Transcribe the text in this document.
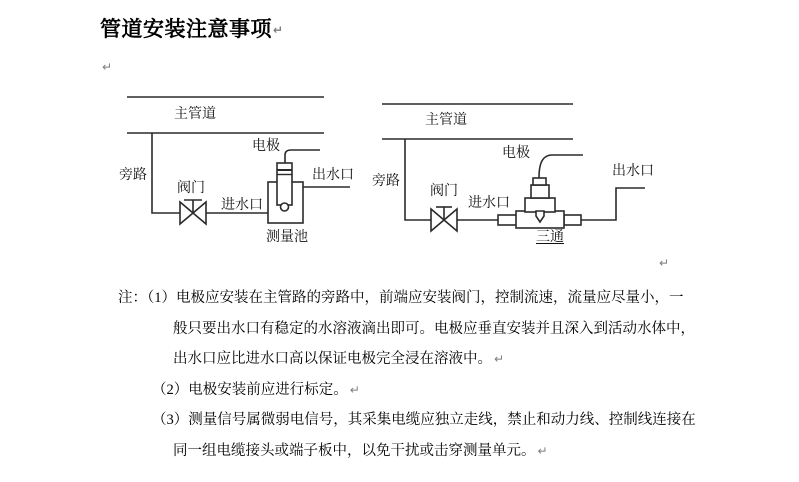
管道安装注意事项↵
↵
↵
主管道
旁路
电极
阀门
进水口
出水口
测量池
主管道
旁路
电极
阀门
进水口
出水口
三通
注：（1）电极应安装在主管路的旁路中，前端应安装阀门，控制流速，流量应尽量小，一
般只要出水口有稳定的水溶液滴出即可。电极应垂直安装并且深入到活动水体中，
出水口应比进水口高以保证电极完全浸在溶液中。 ↵
（2）电极安装前应进行标定。 ↵
（3）测量信号属微弱电信号，其采集电缆应独立走线，禁止和动力线、控制线连接在
同一组电缆接头或端子板中，以免干扰或击穿测量单元。 ↵
